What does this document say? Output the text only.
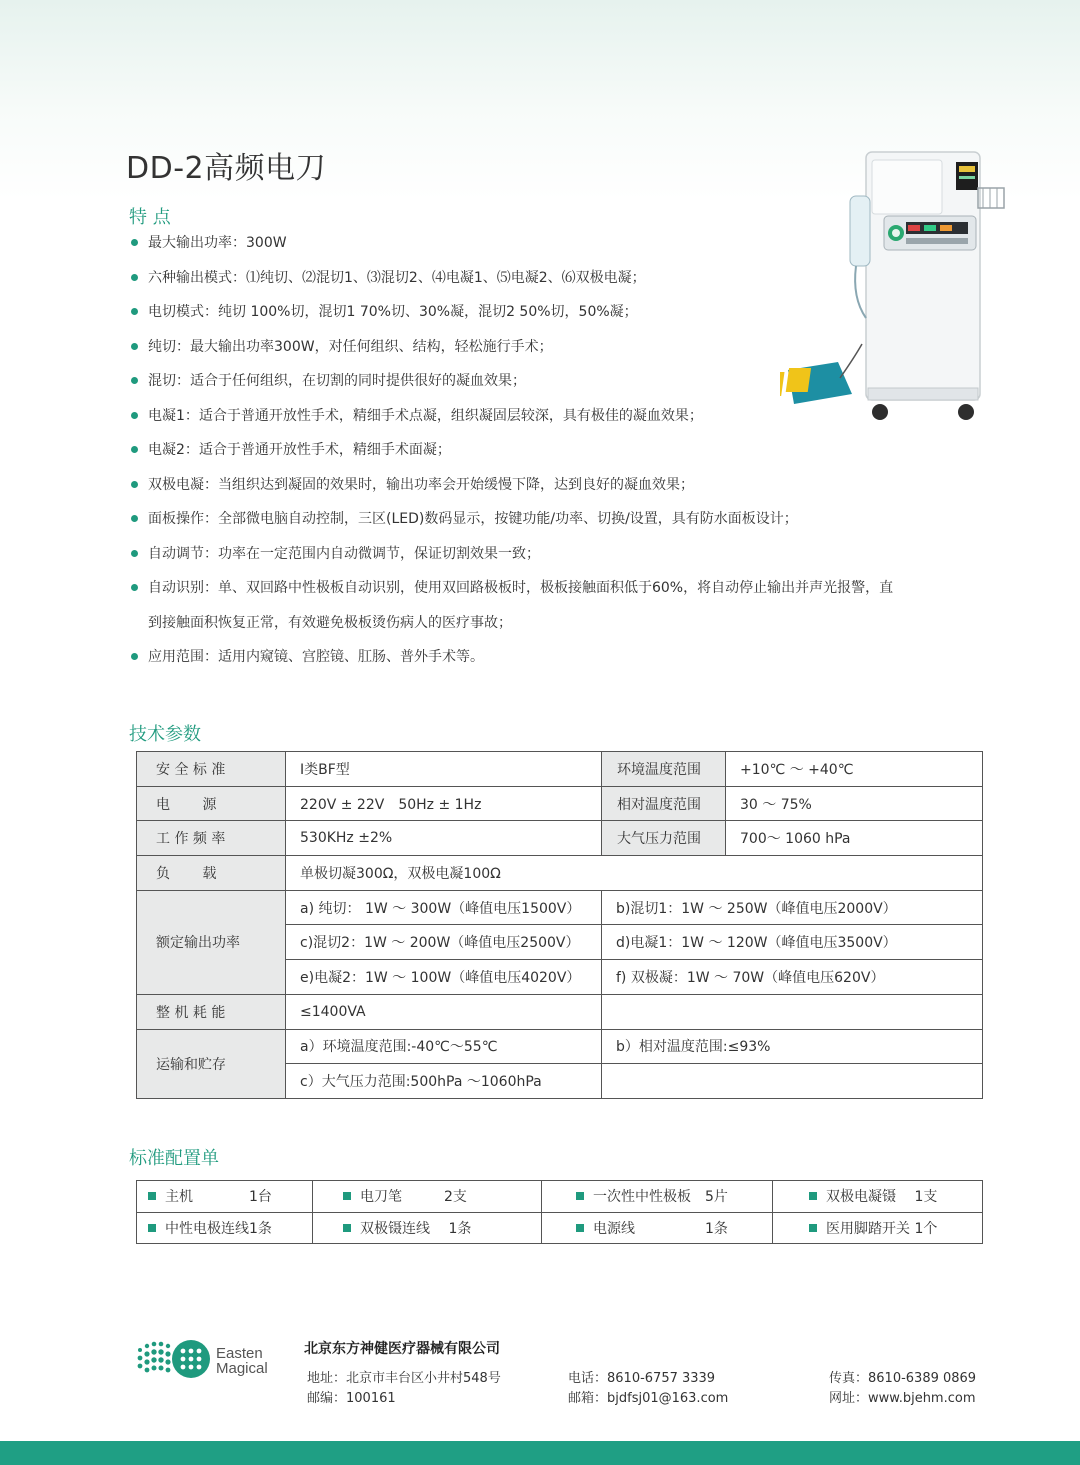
DD-2高频电刀
特 点
最大输出功率：300W
六种输出模式：⑴纯切、⑵混切1、⑶混切2、⑷电凝1、⑸电凝2、⑹双极电凝；
电切模式：纯切 100%切，混切1 70%切、30%凝，混切2 50%切，50%凝；
纯切：最大输出功率300W，对任何组织、结构，轻松施行手术；
混切：适合于任何组织，在切割的同时提供很好的凝血效果；
电凝1：适合于普通开放性手术，精细手术点凝，组织凝固层较深，具有极佳的凝血效果；
电凝2：适合于普通开放性手术，精细手术面凝；
双极电凝：当组织达到凝固的效果时，输出功率会开始缓慢下降，达到良好的凝血效果；
面板操作：全部微电脑自动控制，三区(LED)数码显示，按键功能/功率、切换/设置，具有防水面板设计；
自动调节：功率在一定范围内自动微调节，保证切割效果一致；
自动识别：单、双回路中性极板自动识别，使用双回路极板时，极板接触面积低于60%，将自动停止输出并声光报警，直
到接触面积恢复正常，有效避免极板烫伤病人的医疗事故；
应用范围：适用内窥镜、宫腔镜、肛肠、普外手术等。
技术参数
安 全 标 准	Ⅰ类BF型	环境温度范围	+10℃ ～ +40℃
电　　 源	220V ± 22V　50Hz ± 1Hz	相对温度范围	30 ～ 75%
工 作 频 率	530KHz ±2%	大气压力范围	700～ 1060 hPa
负　　 载	单极切凝300Ω，双极电凝100Ω		
额定输出功率	a) 纯切： 1W ～ 300W（峰值电压1500V）	b)混切1：1W ～ 250W（峰值电压2000V）	
	c)混切2：1W ～ 200W（峰值电压2500V）	d)电凝1：1W ～ 120W（峰值电压3500V）	
	e)电凝2：1W ～ 100W（峰值电压4020V）	f) 双极凝：1W ～ 70W（峰值电压620V）	
整 机 耗 能	≤1400VA		
运输和贮存	a）环境温度范围:-40℃～55℃	b）相对温度范围:≤93%	
	c）大气压力范围:500hPa ～1060hPa		
标准配置单
主机　　　　1台	电刀笔　　　2支	一次性中性极板　5片	双极电凝镊　 1支
中性电极连线1条	双极镊连线　 1条	电源线　　　　　1条	医用脚踏开关 1个
Easten
Magical
北京东方神健医疗器械有限公司
地址：北京市丰台区小井村548号
邮编：100161
电话：8610-6757 3339
邮箱：bjdfsj01@163.com
传真：8610-6389 0869
网址：www.bjehm.com
